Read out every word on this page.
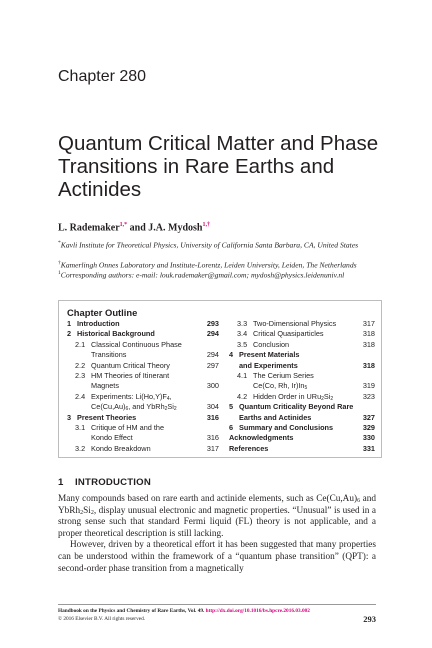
Chapter 280
Quantum Critical Matter and Phase Transitions in Rare Earths and Actinides
L. Rademaker$^{1,*}$ and J.A. Mydosh$^{1,\dagger}$
*Kavli Institute for Theoretical Physics, University of California Santa Barbara, CA, United States
†Kamerlingh Onnes Laboratory and Institute-Lorentz, Leiden University, Leiden, The Netherlands
$^1$Corresponding authors: e-mail: louk.rademaker@gmail.com; mydosh@physics.leidenuniv.nl
Chapter Outline
1 Introduction	293
2 Historical Background	294
2.1 Classical Continuous Phase
Transitions	294
2.2 Quantum Critical Theory	297
2.3 HM Theories of Itinerant
Magnets	300
2.4 Experiments: $Li(Ho,Y)F_4$,
$Ce(Cu,Au)_6$, and $YbRh_2Si_2$	304
3 Present Theories	316
3.1 Critique of HM and the
Kondo Effect	316
3.2 Kondo Breakdown	317
3.3 Two-Dimensional Physics	317
3.4 Critical Quasiparticles	318
3.5 Conclusion	318
4 Present Materials
and Experiments	318
4.1 The Cerium Series
Ce(Co, Rh, $Ir)In_5$	319
4.2 Hidden Order in $URu_2Si_2$	323
5 Quantum Criticality Beyond Rare
Earths and Actinides	327
6 Summary and Conclusions	329
Acknowledgments	330
References	331
1 INTRODUCTION

Many compounds based on rare earth and actinide elements, such as $Ce(Cu,Au)_6$ and $YbRh_2Si_2$, display unusual electronic and magnetic properties. “Unusual” is used in a strong sense such that standard Fermi liquid (FL) theory is not applicable, and a proper theoretical description is still lacking.

However, driven by a theoretical effort it has been suggested that many properties can be understood within the framework of a “quantum phase transition” (QPT): a second-order phase transition from a magnetically

Handbook on the Physics and Chemistry of Rare Earths, Vol. 49. http://dx.doi.org/10.1016/bs.hpcre.2016.03.002
© 2016 Elsevier B.V. All rights reserved.	293
